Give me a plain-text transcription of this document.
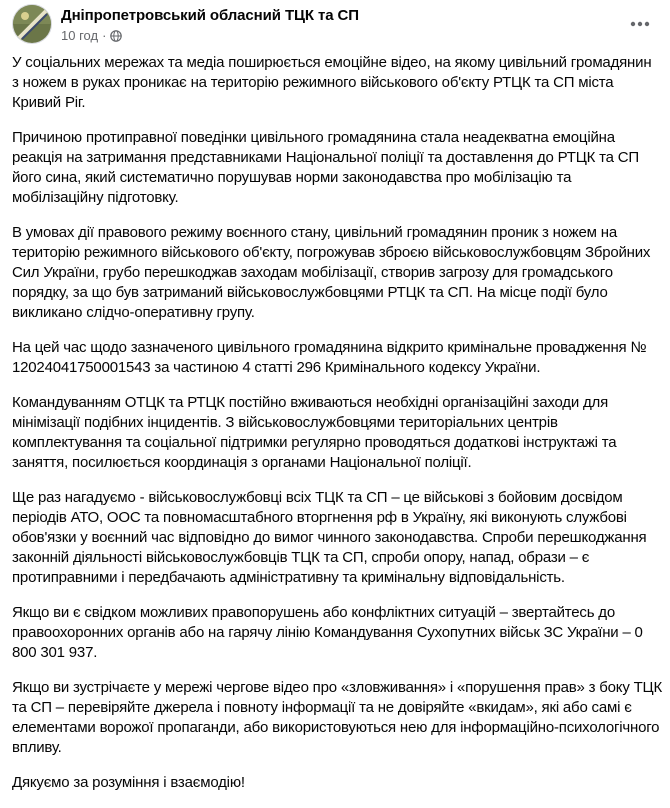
Дніпропетровський обласний ТЦК та СП
10 год ·

У соціальних мережах та медіа поширюється емоційне відео, на якому цивільний громадянин з ножем в руках проникає на територію режимного військового об'єкту РТЦК та СП міста Кривий Ріг.

Причиною протиправної поведінки цивільного громадянина стала неадекватна емоційна реакція на затримання представниками Національної поліції та доставлення до РТЦК та СП його сина, який систематично порушував норми законодавства про мобілізацію та мобілізаційну підготовку.

В умовах дії правового режиму воєнного стану, цивільний громадянин проник з ножем на територію режимного військового об'єкту, погрожував зброєю військовослужбовцям Збройних Сил України, грубо перешкоджав заходам мобілізації, створив загрозу для громадського порядку, за що був затриманий військовослужбовцями РТЦК та СП. На місце події було викликано слідчо-оперативну групу.

На цей час щодо зазначеного цивільного громадянина відкрито кримінальне провадження № 12024041750001543 за частиною 4 статті 296 Кримінального кодексу України.

Командуванням ОТЦК та РТЦК постійно вживаються необхідні організаційні заходи для мінімізації подібних інцидентів. З військовослужбовцями територіальних центрів комплектування та соціальної підтримки регулярно проводяться додаткові інструктажі та заняття, посилюється координація з органами Національної поліції.

Ще раз нагадуємо - військовослужбовці всіх ТЦК та СП – це військові з бойовим досвідом періодів АТО, ООС та повномасштабного вторгнення рф в Україну, які виконують службові обов'язки у воєнний час відповідно до вимог чинного законодавства. Спроби перешкоджання законній діяльності військовослужбовців ТЦК та СП, спроби опору, напад, образи – є протиправними і передбачають адміністративну та кримінальну відповідальність.

Якщо ви є свідком можливих правопорушень або конфліктних ситуацій – звертайтесь до правоохоронних органів або на гарячу лінію Командування Сухопутних військ ЗС України – 0 800 301 937.

Якщо ви зустрічаєте у мережі чергове відео про «зловживання» і «порушення прав» з боку ТЦК та СП – перевіряйте джерела і повноту інформації та не довіряйте «вкидам», які або самі є елементами ворожої пропаганди, або використовуються нею для інформаційно-психологічного впливу.

Дякуємо за розуміння і взаємодію!
